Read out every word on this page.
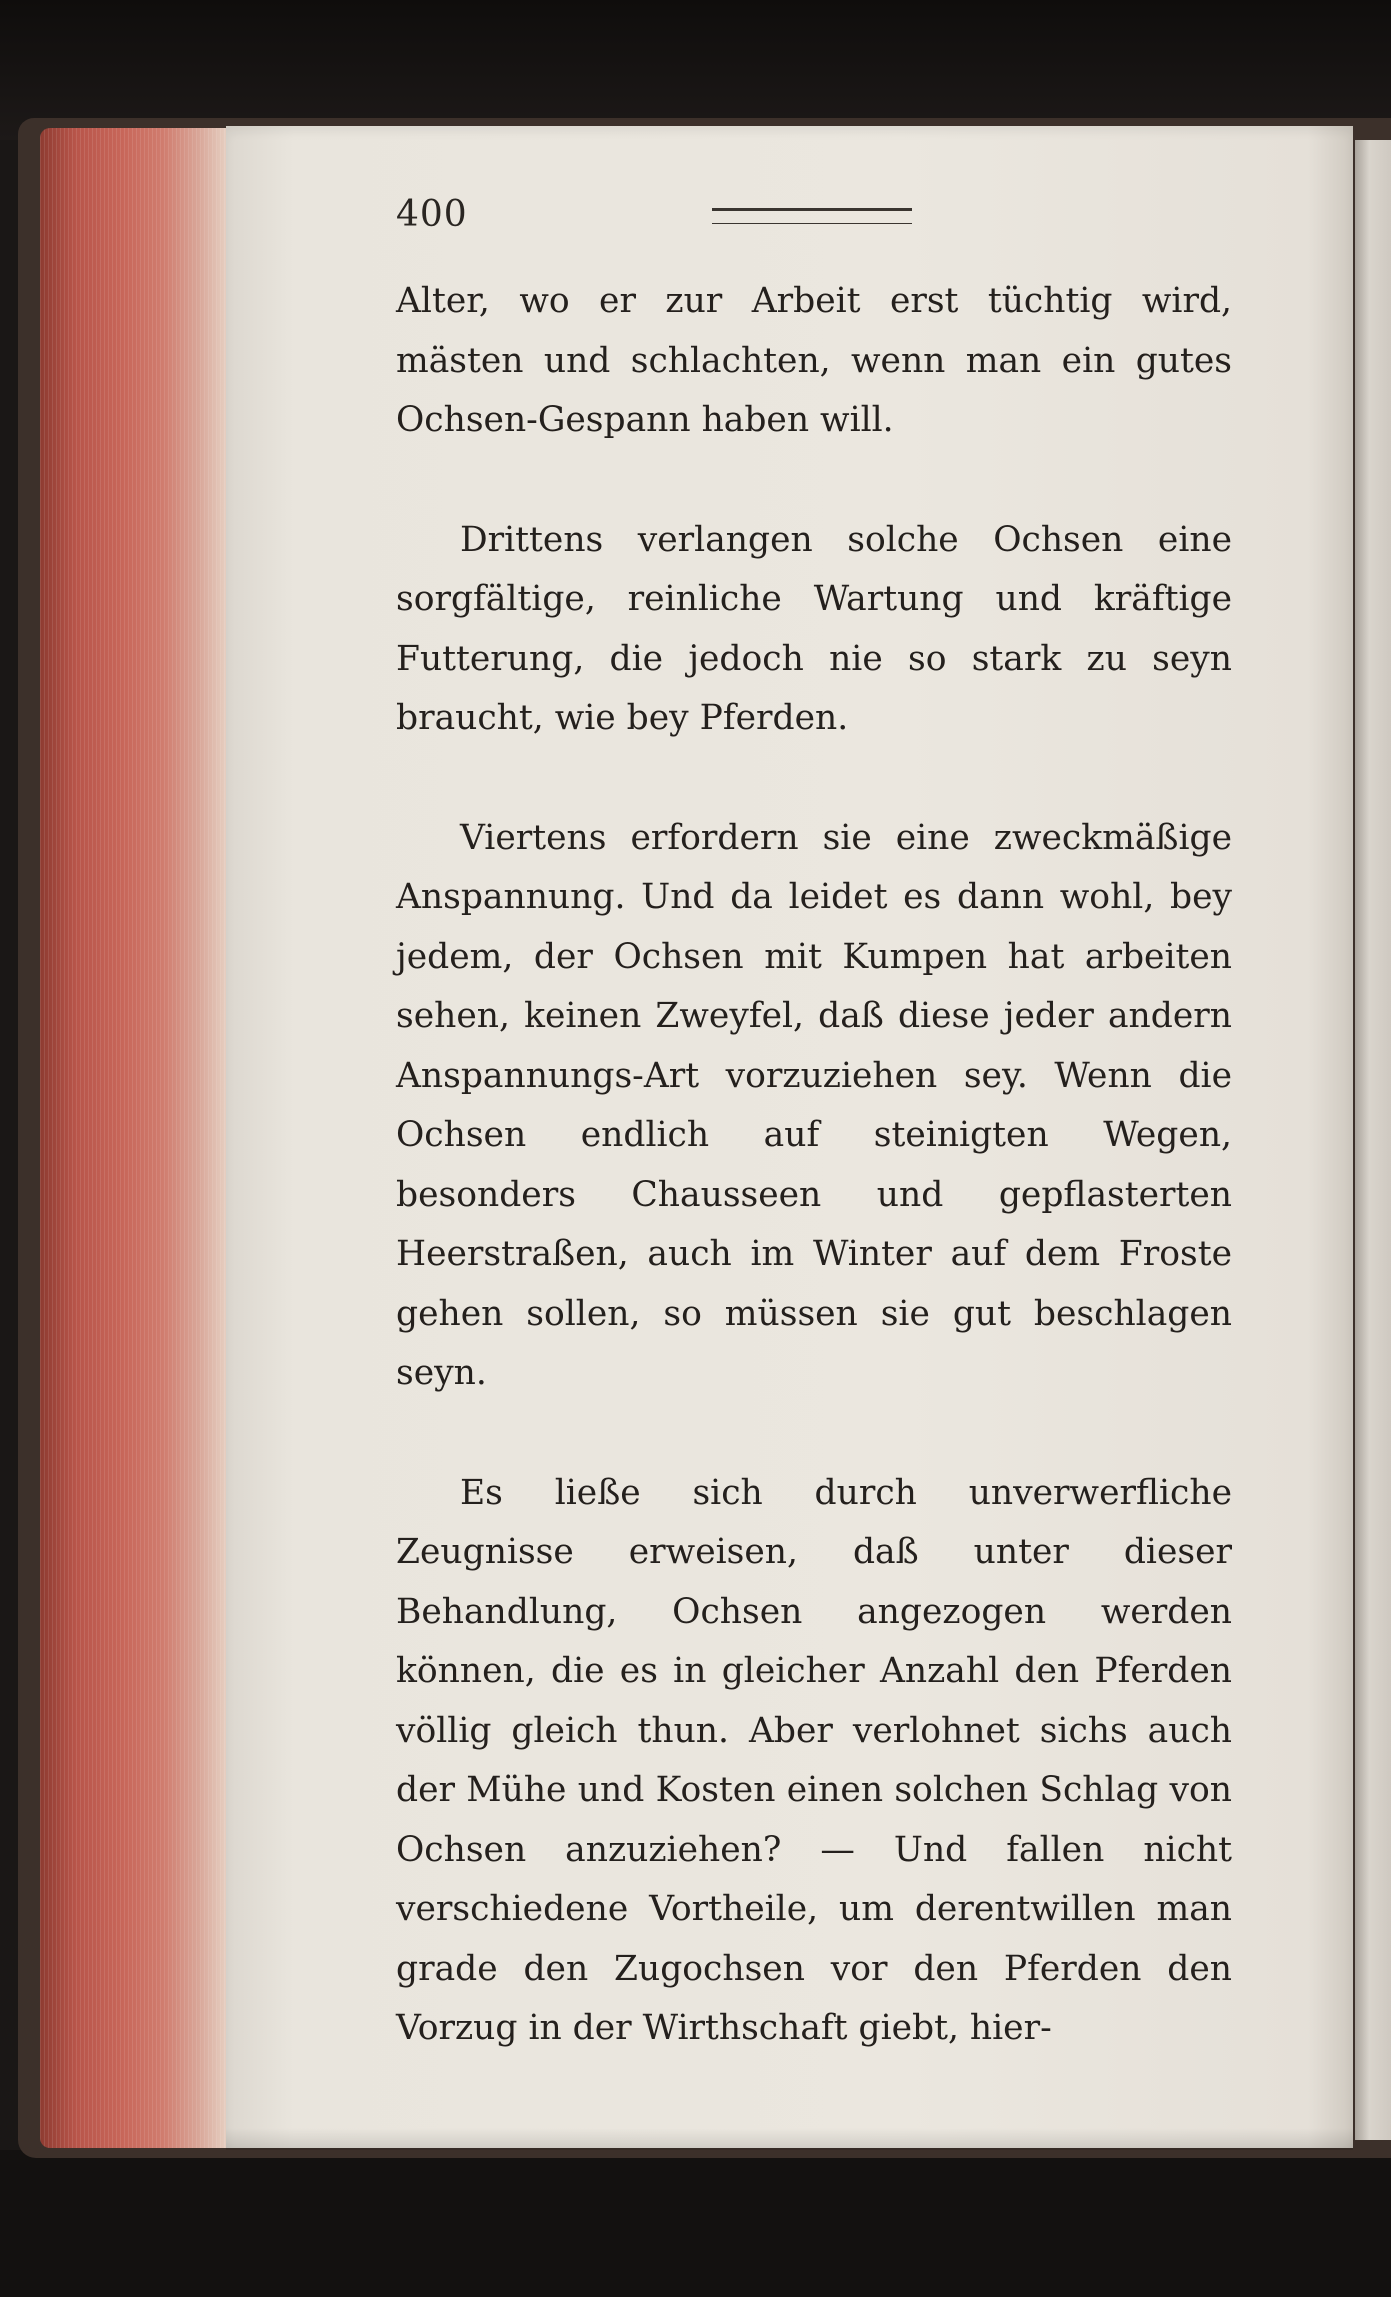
400

Alter, wo er zur Arbeit erst tüchtig wird, mästen und schlachten, wenn man ein gutes Ochsen-Gespann haben will.

Drittens verlangen solche Ochsen eine sorgfältige, reinliche Wartung und kräftige Futterung, die jedoch nie so stark zu seyn braucht, wie bey Pferden.

Viertens erfordern sie eine zweckmäßige Anspannung. Und da leidet es dann wohl, bey jedem, der Ochsen mit Kumpen hat arbeiten sehen, keinen Zweyfel, daß diese jeder andern Anspannungs-Art vorzuziehen sey. Wenn die Ochsen endlich auf steinigten Wegen, besonders Chausseen und gepflasterten Heerstraßen, auch im Winter auf dem Froste gehen sollen, so müssen sie gut beschlagen seyn.

Es ließe sich durch unverwerfliche Zeugnisse erweisen, daß unter dieser Behandlung, Ochsen angezogen werden können, die es in gleicher Anzahl den Pferden völlig gleich thun. Aber verlohnet sichs auch der Mühe und Kosten einen solchen Schlag von Ochsen anzuziehen? — Und fallen nicht verschiedene Vortheile, um derentwillen man grade den Zugochsen vor den Pferden den Vorzug in der Wirthschaft giebt, hier-
